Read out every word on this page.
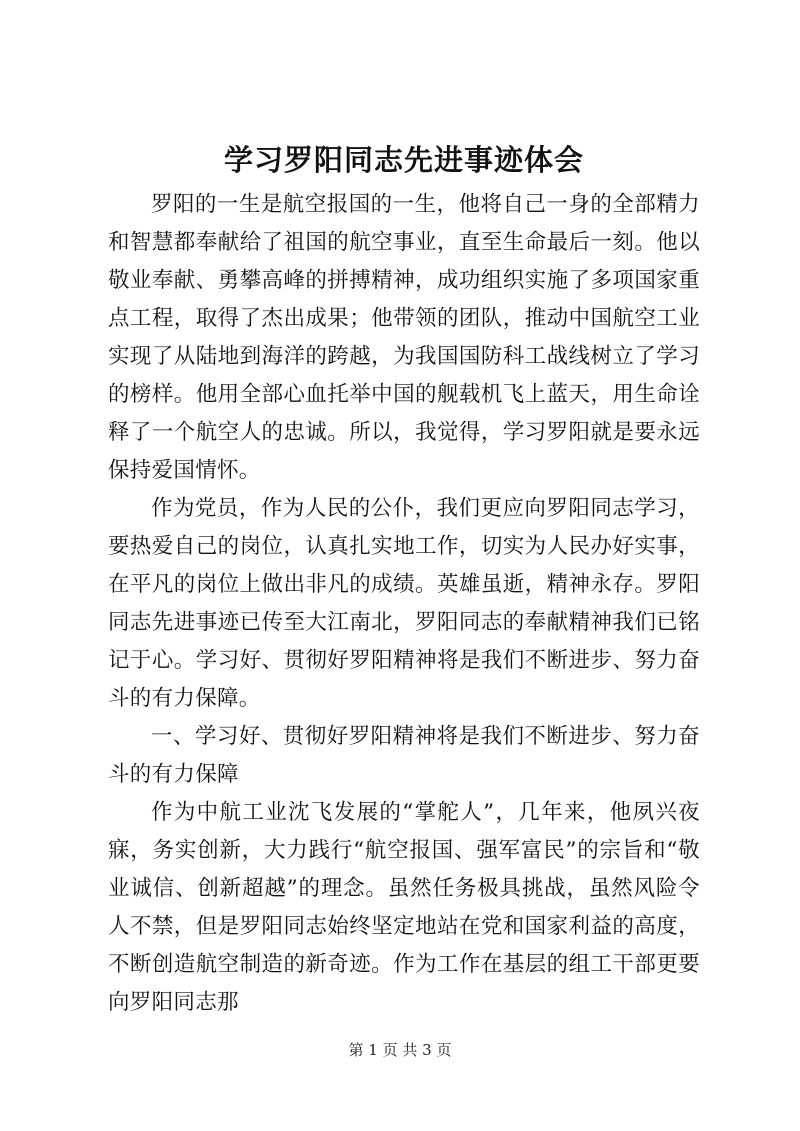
学习罗阳同志先进事迹体会

罗阳的一生是航空报国的一生，他将自己一身的全部精力和智慧都奉献给了祖国的航空事业，直至生命最后一刻。他以敬业奉献、勇攀高峰的拼搏精神，成功组织实施了多项国家重点工程，取得了杰出成果；他带领的团队，推动中国航空工业实现了从陆地到海洋的跨越，为我国国防科工战线树立了学习的榜样。他用全部心血托举中国的舰载机飞上蓝天，用生命诠释了一个航空人的忠诚。所以，我觉得，学习罗阳就是要永远保持爱国情怀。

作为党员，作为人民的公仆，我们更应向罗阳同志学习，要热爱自己的岗位，认真扎实地工作，切实为人民办好实事，在平凡的岗位上做出非凡的成绩。英雄虽逝，精神永存。罗阳同志先进事迹已传至大江南北，罗阳同志的奉献精神我们已铭记于心。学习好、贯彻好罗阳精神将是我们不断进步、努力奋斗的有力保障。

一、学习好、贯彻好罗阳精神将是我们不断进步、努力奋斗的有力保障

作为中航工业沈飞发展的“掌舵人”，几年来，他夙兴夜寐，务实创新，大力践行“航空报国、强军富民”的宗旨和“敬业诚信、创新超越”的理念。虽然任务极具挑战，虽然风险令人不禁，但是罗阳同志始终坚定地站在党和国家利益的高度，不断创造航空制造的新奇迹。作为工作在基层的组工干部更要向罗阳同志那

第 1 页 共 3 页
